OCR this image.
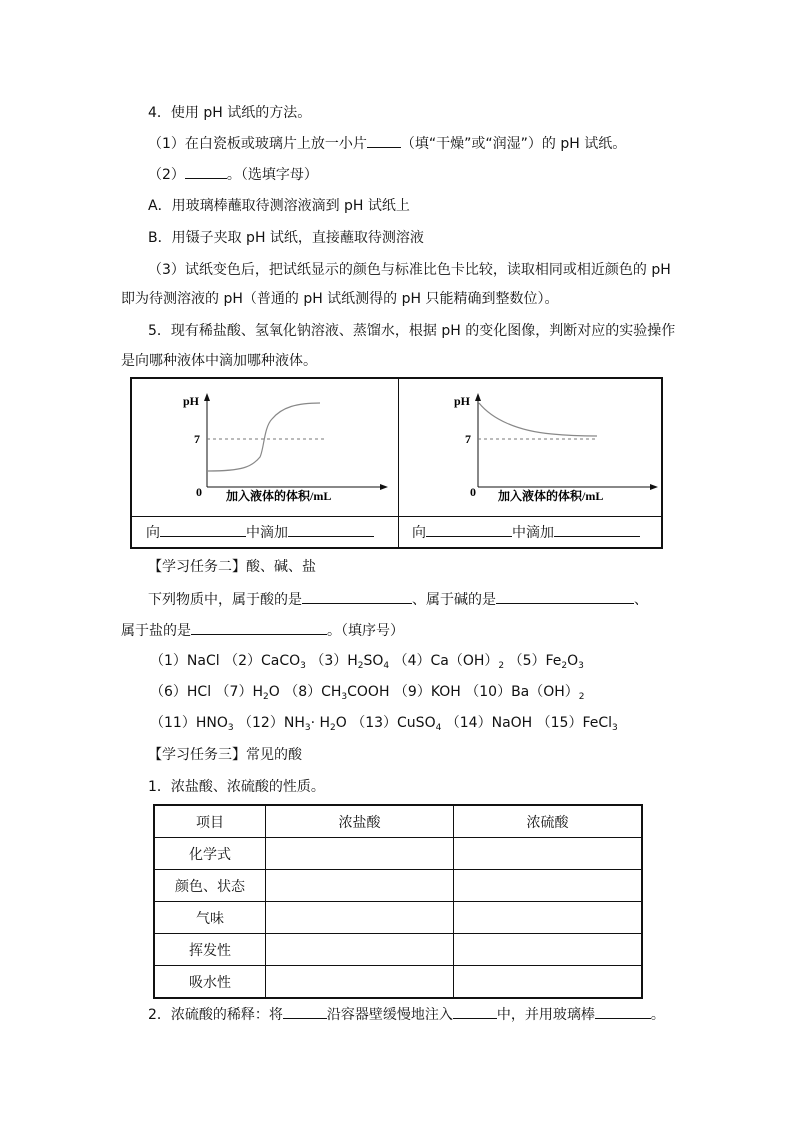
4．使用 pH 试纸的方法。
（1）在白瓷板或玻璃片上放一小片 （填“干燥”或“润湿”）的 pH 试纸。
（2）	。（选填字母）
A．用玻璃棒蘸取待测溶液滴到 pH 试纸上
B．用镊子夹取 pH 试纸，直接蘸取待测溶液
（3）试纸变色后，把试纸显示的颜色与标准比色卡比较，读取相同或相近颜色的 pH
即为待测溶液的 pH（普通的 pH 试纸测得的 pH 只能精确到整数位）。
5．现有稀盐酸、氢氧化钠溶液、蒸馏水，根据 pH 的变化图像，判断对应的实验操作
是向哪种液体中滴加哪种液体。
pH
7
0 加入液体的体积/mL
pH
7
0 加入液体的体积/mL
向	中滴加	向	中滴加
【学习任务二】酸、碱、盐
下列物质中，属于酸的是	、属于碱的是	、
属于盐的是	。（填序号）
（1）NaCl （2）CaCO$_3$ $(3)H_2SO_4$ $(4)Ca(OH)_2$ $(5)Fe_2O_3$
（6）HCl $(7)H_2O$ $(8)CH_3COOH$ （9）KOH $(10)Ba(OH)_2$
$(11)HNO_3$ $(12)NH_3\cdot H_2O$ （13）CuSO$_4$ （14）NaOH （15）FeCl$_3$
【学习任务三】常见的酸
1．浓盐酸、浓硫酸的性质。
项目	浓盐酸	浓硫酸
化学式		
颜色、状态		
气味		
挥发性		
吸水性		
2．浓硫酸的稀释：将	沿容器壁缓慢地注入	中，并用玻璃棒	。
